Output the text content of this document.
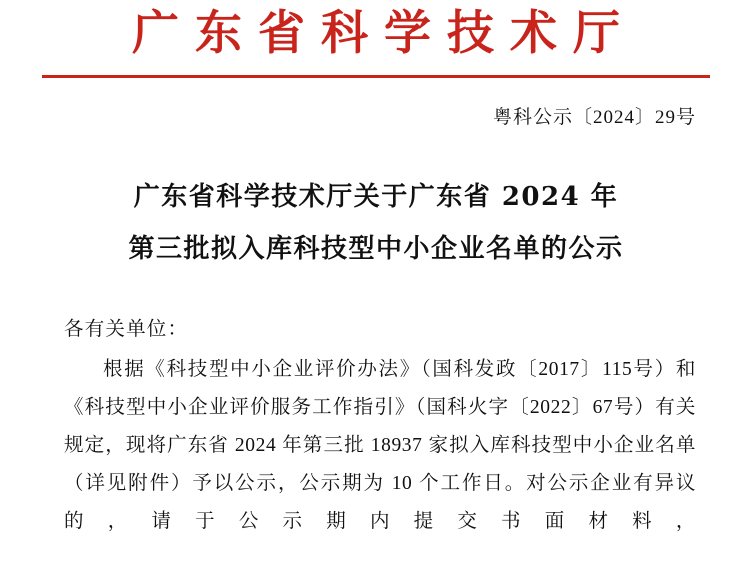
广东省科学技术厅
粤科公示〔2024〕29号
广东省科学技术厅关于广东省 2024 年
第三批拟入库科技型中小企业名单的公示

各有关单位：

根据《科技型中小企业评价办法》（国科发政〔2017〕115号）和《科技型中小企业评价服务工作指引》（国科火字〔2022〕67号）有关规定，现将广东省 2024 年第三批 18937 家拟入库科技型中小企业名单（详见附件）予以公示，公示期为 10 个工作日。对公示企业有异议的，请于公示期内提交书面材料，
